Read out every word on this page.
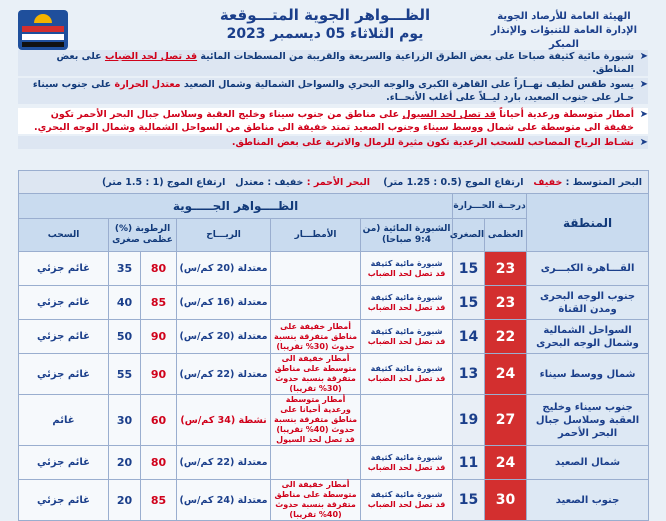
الهيئة العامة للأرصاد الجوية
الإدارة العامة للتنبؤات والإنذار المبكر
الظـــواهر الجوية المتـــوقعة
يوم الثلاثاء 05 ديسمبر 2023
➤
شبورة مائية كثيفة صباحا على بعض الطرق الزراعية والسريعة والقريبة من المسطحات المائية قد تصل لحد الضباب على بعض المناطق.
➤
يسود طقس لطيف نهــاراً على القاهرة الكبرى والوجه البحري والسواحل الشمالية وشمال الصعيد معتدل الحرارة على جنوب سيناء حـار على جنوب الصعيد، بارد ليــلاً على أغلب الأنحــاء.
➤
أمطار متوسطة ورعدية أحياناً قد تصل لحد السيول على مناطق من جنوب سيناء وخليج العقبة وسلاسل جبال البحر الأحمر تكون خفيفة الى متوسطة على شمال ووسط سيناء وجنوب الصعيد تمتد خفيفة الى مناطق من السواحل الشمالية وشمال الوجه البحري.
➤
نشـاط الرياح المصاحب للسحب الرعدية تكون مثيرة للرمال والاتربة على بعض المناطق.
البحر المتوسط : خفيف   ارتفاع الموج (0.5 : 1.25 متر)    البحر الأحمر : خفيف : معتدل   ارتفاع الموج (1 : 1.5 متر)								
المنطقة	درجــة الحـــرارة		الظــــواهر الجـــــوية					
	العظمى	الصغرى	الشبورة المائية (من 9:4 صباحا)	الأمطـــار	الريـــاح	الرطوبة (%) عظمى صغرى		السحب
القـــاهرة الكبـــرى	23	15	شبورة مائية كثيفة
قد تصل لحد الضباب		معتدلة (20 كم/س)	80	35	غائم جزئي
جنوب الوجه البحرى ومدن القناة	23	15	شبورة مائية كثيفة
قد تصل لحد الضباب		معتدلة (16 كم/س)	85	40	غائم جزئي
السواحل الشمالية وشمال الوجه البحرى	22	14	شبورة مائية كثيفة
قد تصل لحد الضباب	أمطار خفيفة على مناطق متفرقة بنسبة حدوث (30% تقريبا)	معتدلة (20 كم/س)	90	50	غائم جزئي
شمال ووسط سيناء	24	13	شبورة مائية كثيفة
قد تصل لحد الضباب	أمطار خفيفة الى متوسطة على مناطق متفرقة بنسبة حدوث (30% تقريبا)	معتدلة (22 كم/س)	90	55	غائم جزئي
جنوب سيناء وخليج العقبة وسلاسل جبال البحر الأحمر	27	19		أمطار متوسطة ورعدية أحيانا على مناطق متفرقة بنسبة حدوث (40% تقريبا) قد تصل لحد السيول	نشطة (34 كم/س)	60	30	غائم
شمال الصعيد	24	11	شبورة مائية كثيفة
قد تصل لحد الضباب		معتدلة (22 كم/س)	80	20	غائم جزئي
جنوب الصعيد	30	15	شبورة مائية كثيفة
قد تصل لحد الضباب	أمطار خفيفة الى متوسطة على مناطق متفرقة بنسبة حدوث (40% تقريبا)	معتدلة (24 كم/س)	85	20	غائم جزئي
